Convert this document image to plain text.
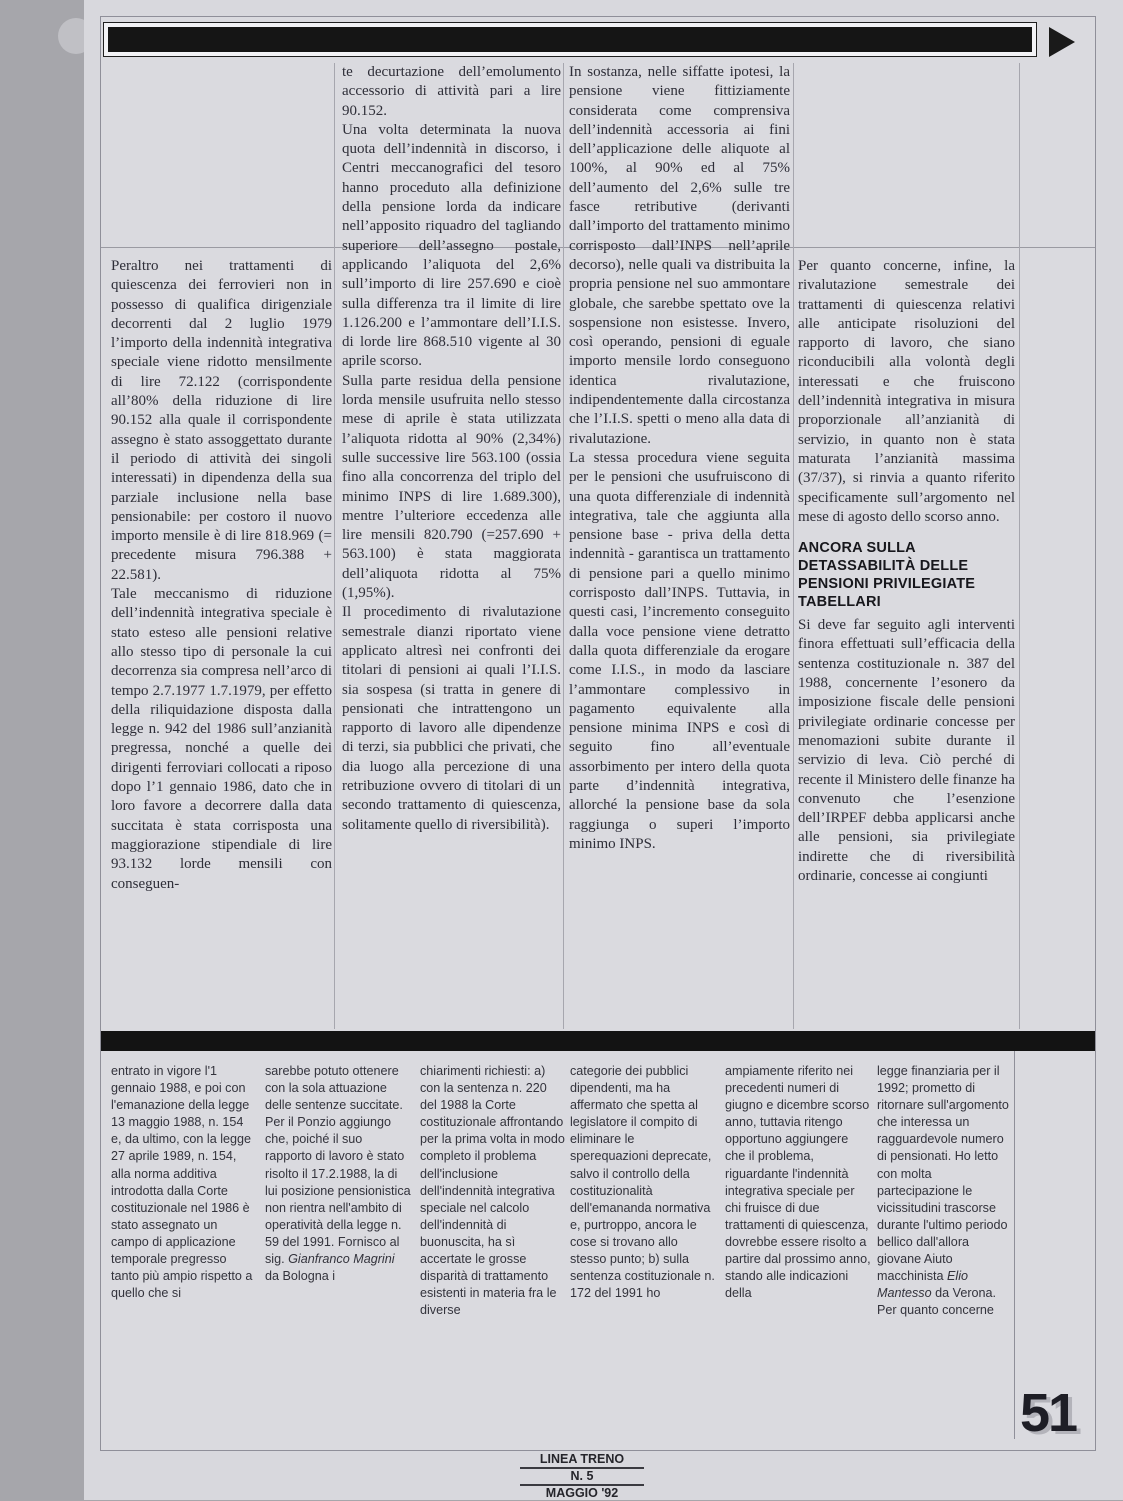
Peraltro nei trattamenti di quiescenza dei ferrovieri non in possesso di qualifica dirigenziale decorrenti dal 2 luglio 1979 l’importo della indennità integrativa speciale viene ridotto mensilmente di lire 72.122 (corrispondente all’80% della riduzione di lire 90.152 alla quale il corrispondente assegno è stato assoggettato durante il periodo di attività dei singoli interessati) in dipendenza della sua parziale inclusione nella base pensionabile: per costoro il nuovo importo mensile è di lire 818.969 (= precedente misura 796.388 + 22.581).

Tale meccanismo di riduzione dell’indennità integrativa speciale è stato esteso alle pensioni relative allo stesso tipo di personale la cui decorrenza sia compresa nell’arco di tempo 2.7.1977 1.7.1979, per effetto della riliquidazione disposta dalla legge n. 942 del 1986 sull’anzianità pregressa, nonché a quelle dei dirigenti ferroviari collocati a riposo dopo l’1 gennaio 1986, dato che in loro favore a decorrere dalla data succitata è stata corrisposta una maggiorazione stipendiale di lire 93.132 lorde mensili con conseguen-

te decurtazione dell’emolumento accessorio di attività pari a lire 90.152.

Una volta determinata la nuova quota dell’indennità in discorso, i Centri meccanografici del tesoro hanno proceduto alla definizione della pensione lorda da indicare nell’apposito riquadro del tagliando superiore dell’assegno postale, applicando l’aliquota del 2,6% sull’importo di lire 257.690 e cioè sulla differenza tra il limite di lire 1.126.200 e l’ammontare dell’I.I.S. di lorde lire 868.510 vigente al 30 aprile scorso.

Sulla parte residua della pensione lorda mensile usufruita nello stesso mese di aprile è stata utilizzata l’aliquota ridotta al 90% (2,34%) sulle successive lire 563.100 (ossia fino alla concorrenza del triplo del minimo INPS di lire 1.689.300), mentre l’ulteriore eccedenza alle lire mensili 820.790 (=257.690 + 563.100) è stata maggiorata dell’aliquota ridotta al 75% (1,95%).

Il procedimento di rivalutazione semestrale dianzi riportato viene applicato altresì nei confronti dei titolari di pensioni ai quali l’I.I.S. sia sospesa (si tratta in genere di pensionati che intrattengono un rapporto di lavoro alle dipendenze di terzi, sia pubblici che privati, che dia luogo alla percezione di una retribuzione ovvero di titolari di un secondo trattamento di quiescenza, solitamente quello di riversibilità).

In sostanza, nelle siffatte ipotesi, la pensione viene fittiziamente considerata come comprensiva dell’indennità accessoria ai fini dell’applicazione delle aliquote al 100%, al 90% ed al 75% dell’aumento del 2,6% sulle tre fasce retributive (derivanti dall’importo del trattamento minimo corrisposto dall’INPS nell’aprile decorso), nelle quali va distribuita la propria pensione nel suo ammontare globale, che sarebbe spettato ove la sospensione non esistesse. Invero, così operando, pensioni di eguale importo mensile lordo conseguono identica rivalutazione, indipendentemente dalla circostanza che l’I.I.S. spetti o meno alla data di rivalutazione.

La stessa procedura viene seguita per le pensioni che usufruiscono di una quota differenziale di indennità integrativa, tale che aggiunta alla pensione base - priva della detta indennità - garantisca un trattamento di pensione pari a quello minimo corrisposto dall’INPS. Tuttavia, in questi casi, l’incremento conseguito dalla voce pensione viene detratto dalla quota differenziale da erogare come I.I.S., in modo da lasciare l’ammontare complessivo in pagamento equivalente alla pensione minima INPS e così di seguito fino all’eventuale assorbimento per intero della quota parte d’indennità integrativa, allorché la pensione base da sola raggiunga o superi l’importo minimo INPS.

Per quanto concerne, infine, la rivalutazione semestrale dei trattamenti di quiescenza relativi alle anticipate risoluzioni del rapporto di lavoro, che siano riconducibili alla volontà degli interessati e che fruiscono dell’indennità integrativa in misura proporzionale all’anzianità di servizio, in quanto non è stata maturata l’anzianità massima (37/37), si rinvia a quanto riferito specificamente sull’argomento nel mese di agosto dello scorso anno.

ANCORA SULLA DETASSABILITÀ DELLE PENSIONI PRIVILEGIATE TABELLARI

Si deve far seguito agli interventi finora effettuati sull’efficacia della sentenza costituzionale n. 387 del 1988, concernente l’esonero da imposizione fiscale delle pensioni privilegiate ordinarie concesse per menomazioni subite durante il servizio di leva. Ciò perché di recente il Ministero delle finanze ha convenuto che l’esenzione dell’IRPEF debba applicarsi anche alle pensioni, sia privilegiate indirette che di riversibilità ordinarie, concesse ai congiunti

entrato in vigore l'1 gennaio 1988, e poi con l'emanazione della legge 13 maggio 1988, n. 154 e, da ultimo, con la legge 27 aprile 1989, n. 154, alla norma additiva introdotta dalla Corte costituzionale nel 1986 è stato assegnato un campo di applicazione temporale pregresso tanto più ampio rispetto a quello che si

sarebbe potuto ottenere con la sola attuazione delle sentenze succitate. Per il Ponzio aggiungo che, poiché il suo rapporto di lavoro è stato risolto il 17.2.1988, la di lui posizione pensionistica non rientra nell'ambito di operatività della legge n. 59 del 1991. Fornisco al sig. Gianfranco Magrini da Bologna i

chiarimenti richiesti: a) con la sentenza n. 220 del 1988 la Corte costituzionale affrontando per la prima volta in modo completo il problema dell'inclusione dell'indennità integrativa speciale nel calcolo dell'indennità di buonuscita, ha sì accertate le grosse disparità di trattamento esistenti in materia fra le diverse

categorie dei pubblici dipendenti, ma ha affermato che spetta al legislatore il compito di eliminare le sperequazioni deprecate, salvo il controllo della costituzionalità dell'emananda normativa e, purtroppo, ancora le cose si trovano allo stesso punto; b) sulla sentenza costituzionale n. 172 del 1991 ho

ampiamente riferito nei precedenti numeri di giugno e dicembre scorso anno, tuttavia ritengo opportuno aggiungere che il problema, riguardante l'indennità integrativa speciale per chi fruisce di due trattamenti di quiescenza, dovrebbe essere risolto a partire dal prossimo anno, stando alle indicazioni della

legge finanziaria per il 1992; prometto di ritornare sull'argomento che interessa un ragguardevole numero di pensionati. Ho letto con molta partecipazione le vicissitudini trascorse durante l'ultimo periodo bellico dall'allora giovane Aiuto macchinista Elio Mantesso da Verona. Per quanto concerne

51
LINEA TRENO
N. 5
MAGGIO '92
